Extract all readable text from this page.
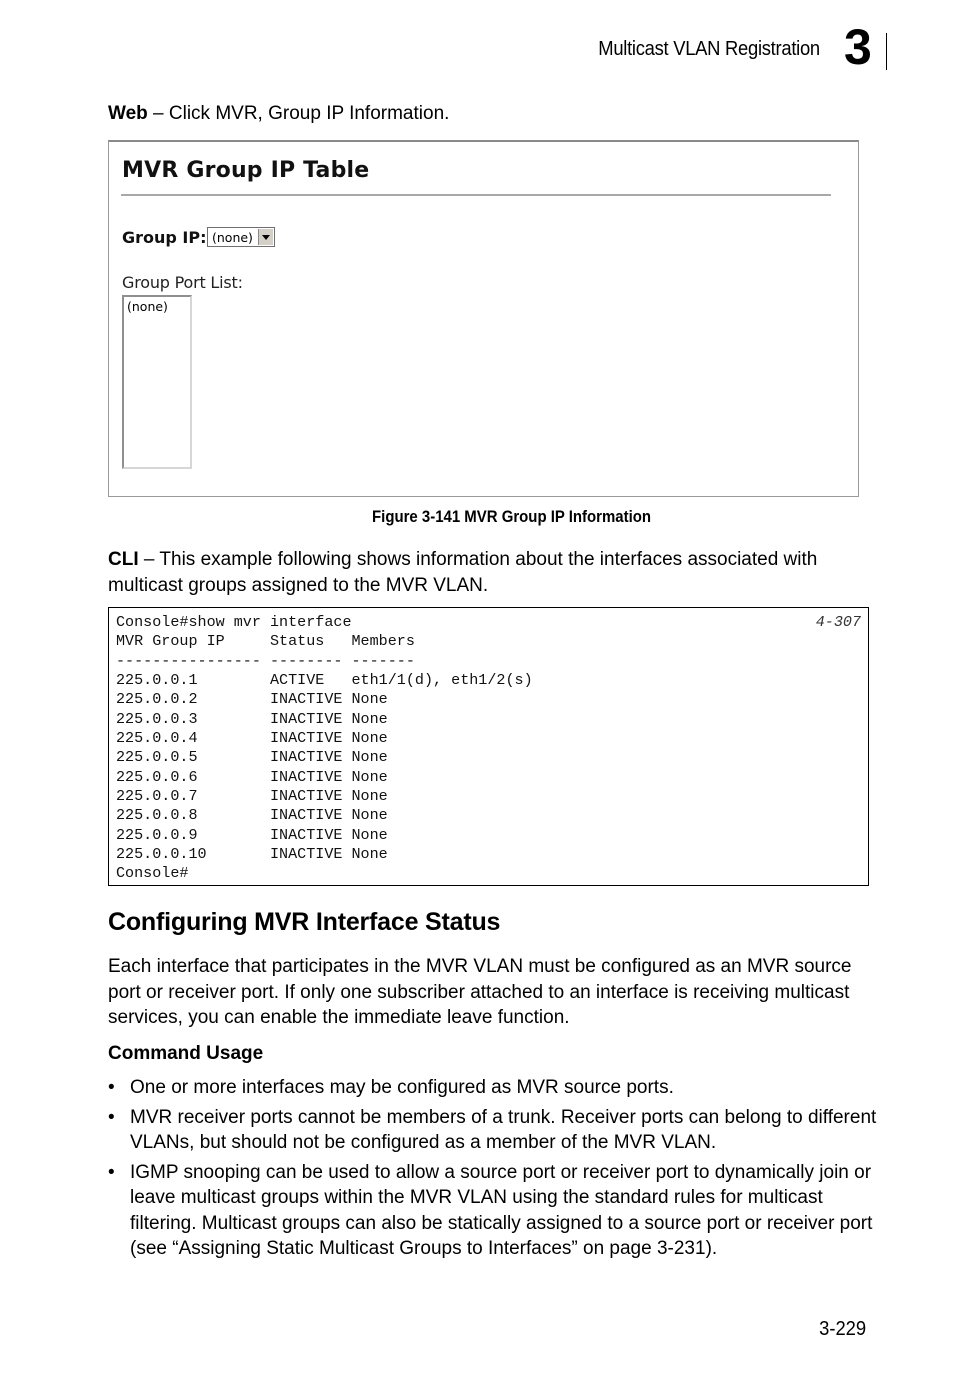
Multicast VLAN Registration 3
Web – Click MVR, Group IP Information.
MVR Group IP Table
Group IP: (none)
Group Port List:
(none)
Figure 3-141 MVR Group IP Information
CLI – This example following shows information about the interfaces associated with multicast groups assigned to the MVR VLAN.
Console#show mvr interface
MVR Group IP     Status   Members
---------------- -------- -------
225.0.0.1        ACTIVE   eth1/1(d), eth1/2(s)
225.0.0.2        INACTIVE None
225.0.0.3        INACTIVE None
225.0.0.4        INACTIVE None
225.0.0.5        INACTIVE None
225.0.0.6        INACTIVE None
225.0.0.7        INACTIVE None
225.0.0.8        INACTIVE None
225.0.0.9        INACTIVE None
225.0.0.10       INACTIVE None
Console#
4-307
Configuring MVR Interface Status
Each interface that participates in the MVR VLAN must be configured as an MVR source port or receiver port. If only one subscriber attached to an interface is receiving multicast services, you can enable the immediate leave function.
Command Usage
• One or more interfaces may be configured as MVR source ports.
• MVR receiver ports cannot be members of a trunk. Receiver ports can belong to different VLANs, but should not be configured as a member of the MVR VLAN.
• IGMP snooping can be used to allow a source port or receiver port to dynamically join or leave multicast groups within the MVR VLAN using the standard rules for multicast filtering. Multicast groups can also be statically assigned to a source port or receiver port (see “Assigning Static Multicast Groups to Interfaces” on page 3-231).
3-229
